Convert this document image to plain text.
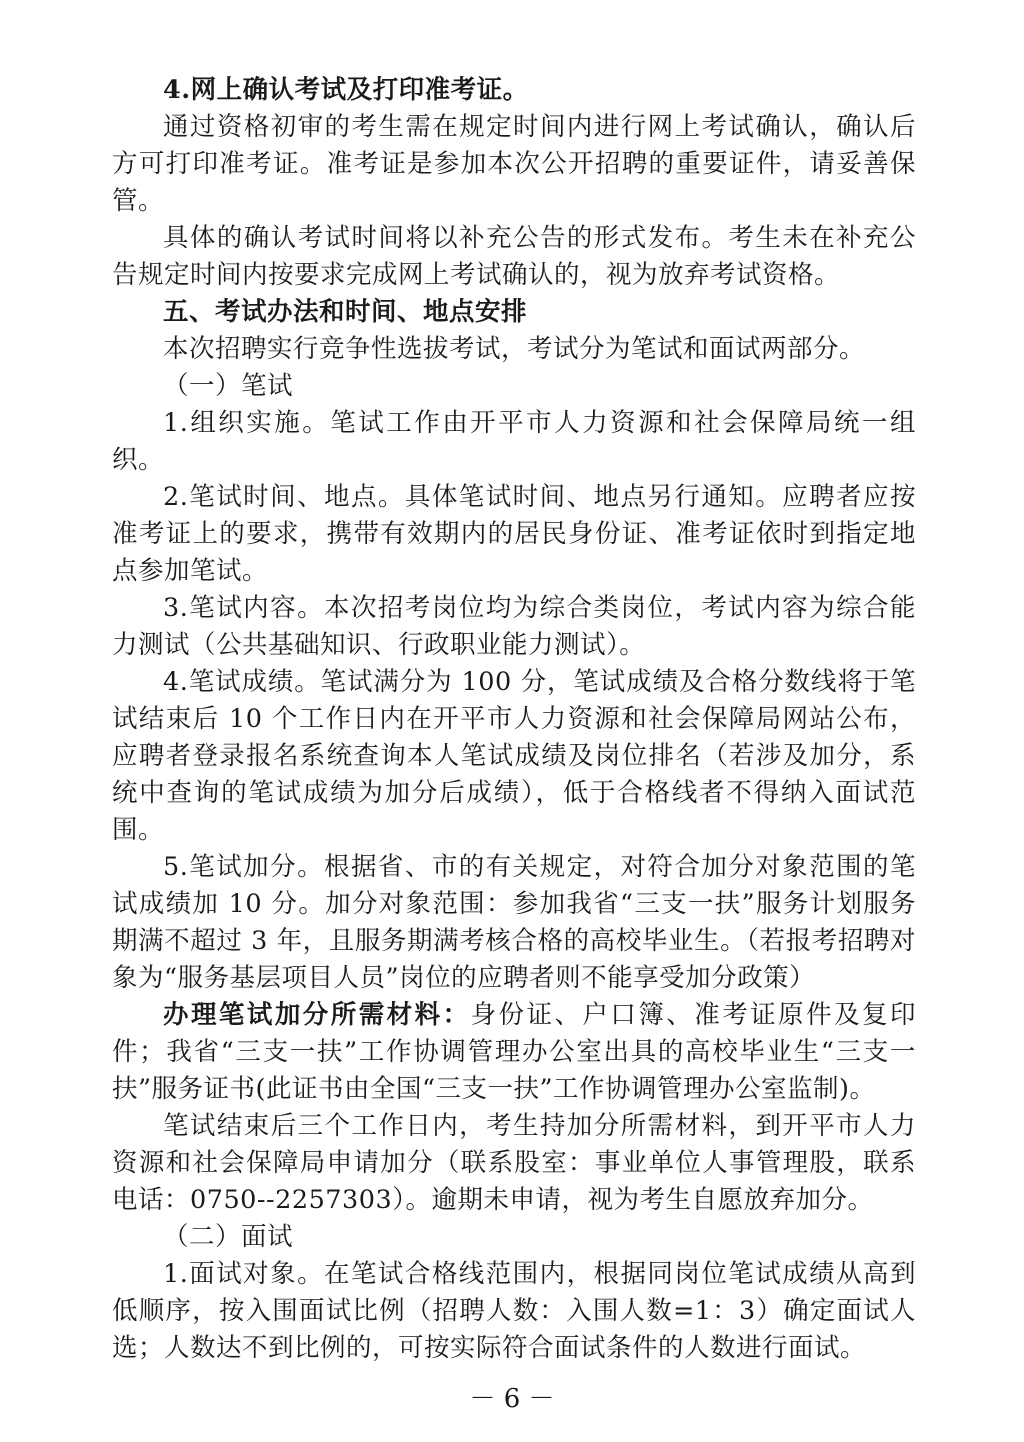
4.网上确认考试及打印准考证。

通过资格初审的考生需在规定时间内进行网上考试确认，确认后方可打印准考证。准考证是参加本次公开招聘的重要证件，请妥善保管。

具体的确认考试时间将以补充公告的形式发布。考生未在补充公告规定时间内按要求完成网上考试确认的，视为放弃考试资格。

五、考试办法和时间、地点安排

本次招聘实行竞争性选拔考试，考试分为笔试和面试两部分。

（一）笔试

1.组织实施。笔试工作由开平市人力资源和社会保障局统一组织。

2.笔试时间、地点。具体笔试时间、地点另行通知。应聘者应按准考证上的要求，携带有效期内的居民身份证、准考证依时到指定地点参加笔试。

3.笔试内容。本次招考岗位均为综合类岗位，考试内容为综合能力测试（公共基础知识、行政职业能力测试）。

4.笔试成绩。笔试满分为 100 分，笔试成绩及合格分数线将于笔试结束后 10 个工作日内在开平市人力资源和社会保障局网站公布，应聘者登录报名系统查询本人笔试成绩及岗位排名（若涉及加分，系统中查询的笔试成绩为加分后成绩），低于合格线者不得纳入面试范围。

5.笔试加分。根据省、市的有关规定，对符合加分对象范围的笔试成绩加 10 分。加分对象范围：参加我省“三支一扶”服务计划服务期满不超过 3 年，且服务期满考核合格的高校毕业生。（若报考招聘对象为“服务基层项目人员”岗位的应聘者则不能享受加分政策）

办理笔试加分所需材料：身份证、户口簿、准考证原件及复印件；我省“三支一扶”工作协调管理办公室出具的高校毕业生“三支一扶”服务证书(此证书由全国“三支一扶”工作协调管理办公室监制)。

笔试结束后三个工作日内，考生持加分所需材料，到开平市人力资源和社会保障局申请加分（联系股室：事业单位人事管理股，联系电话：0750--2257303）。逾期未申请，视为考生自愿放弃加分。

（二）面试

1.面试对象。在笔试合格线范围内，根据同岗位笔试成绩从高到低顺序，按入围面试比例（招聘人数：入围人数=1：3）确定面试人选；人数达不到比例的，可按实际符合面试条件的人数进行面试。

－ 6 －
